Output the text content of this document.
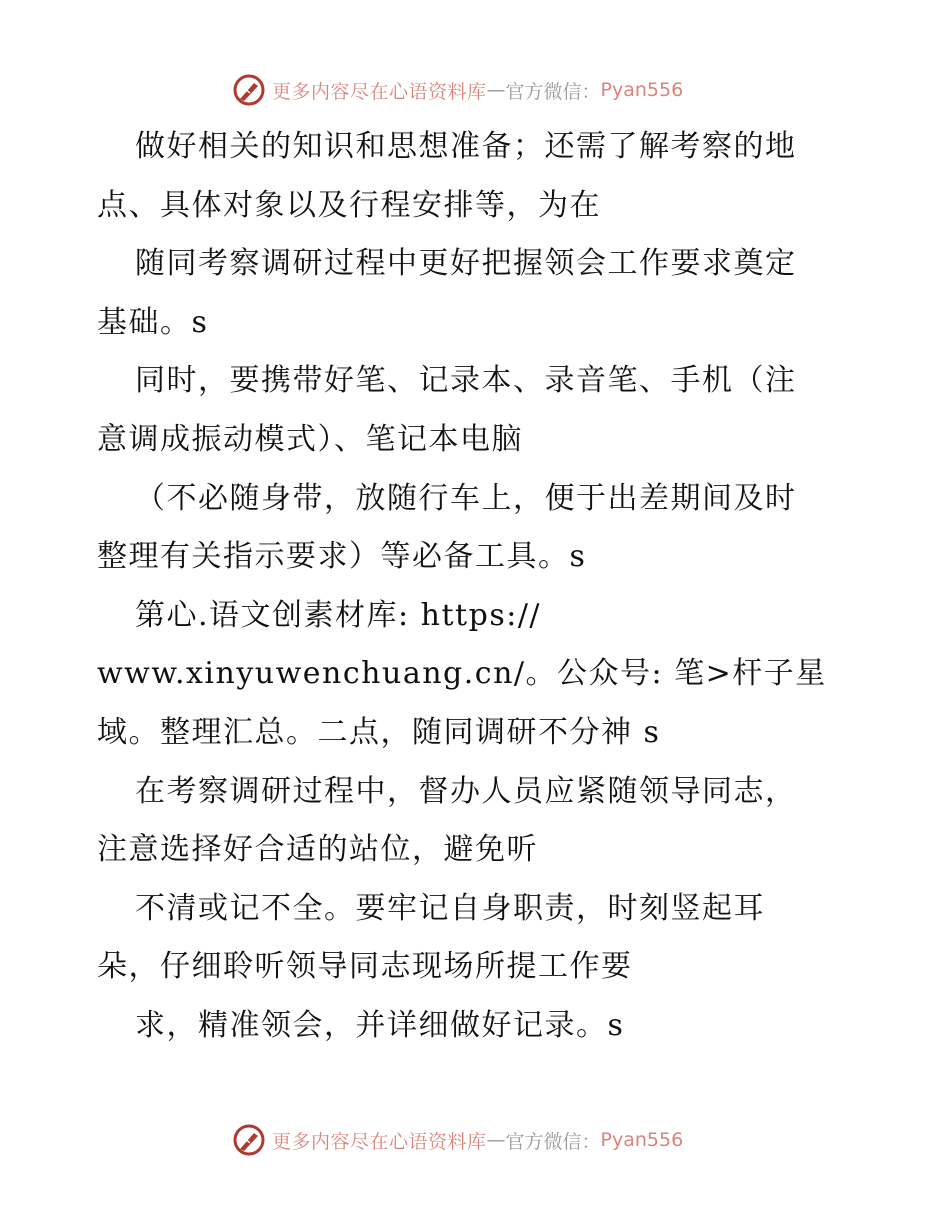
更多内容尽在心语资料库 — 官方微信： Pyan556
做好相关的知识和思想准备；还需了解考察的地
点、具体对象以及行程安排等，为在
随同考察调研过程中更好把握领会工作要求奠定
基础。s
同时，要携带好笔、记录本、录音笔、手机（注
意调成振动模式）、笔记本电脑
（不必随身带，放随行车上，便于出差期间及时
整理有关指示要求）等必备工具。s
第心.语文创素材库: https://
www.xinyuwenchuang.cn/。公众号: 笔>杆子星
域。整理汇总。二点，随同调研不分神 s
在考察调研过程中，督办人员应紧随领导同志，
注意选择好合适的站位，避免听
不清或记不全。要牢记自身职责，时刻竖起耳
朵，仔细聆听领导同志现场所提工作要
求，精准领会，并详细做好记录。s
更多内容尽在心语资料库 — 官方微信： Pyan556
